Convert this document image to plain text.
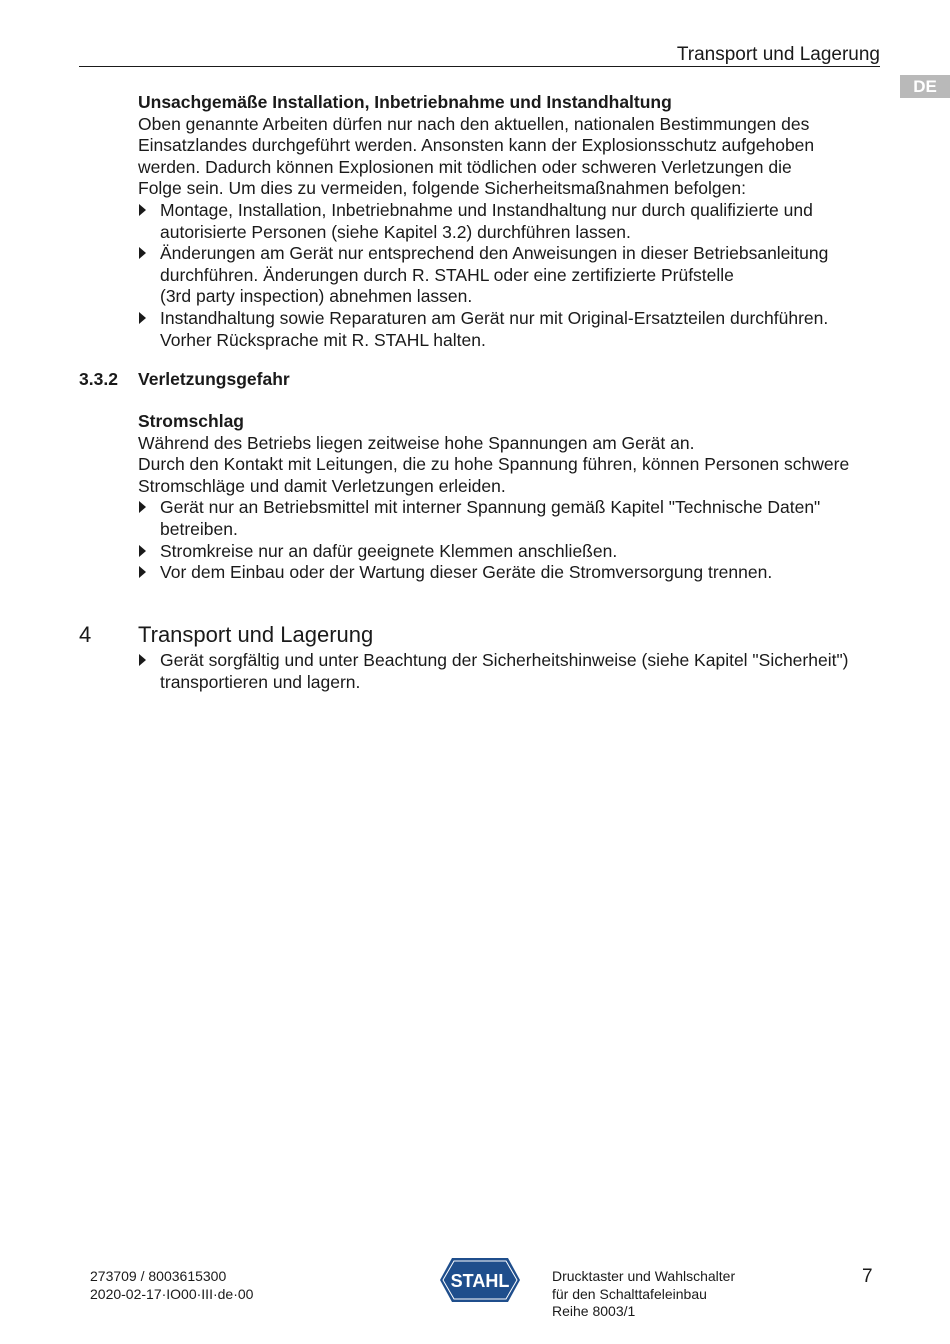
Transport und Lagerung
DE

Unsachgemäße Installation, Inbetriebnahme und Instandhaltung

Oben genannte Arbeiten dürfen nur nach den aktuellen, nationalen Bestimmungen des

Einsatzlandes durchgeführt werden. Ansonsten kann der Explosionsschutz aufgehoben

werden. Dadurch können Explosionen mit tödlichen oder schweren Verletzungen die

Folge sein. Um dies zu vermeiden, folgende Sicherheitsmaßnahmen befolgen:

Montage, Installation, Inbetriebnahme und Instandhaltung nur durch qualifizierte und
autorisierte Personen (siehe Kapitel 3.2) durchführen lassen.
Änderungen am Gerät nur entsprechend den Anweisungen in dieser Betriebsanleitung
durchführen. Änderungen durch R. STAHL oder eine zertifizierte Prüfstelle
(3rd party inspection) abnehmen lassen.
Instandhaltung sowie Reparaturen am Gerät nur mit Original-Ersatzteilen durchführen.
Vorher Rücksprache mit R. STAHL halten.
3.3.2 Verletzungsgefahr

Stromschlag

Während des Betriebs liegen zeitweise hohe Spannungen am Gerät an.

Durch den Kontakt mit Leitungen, die zu hohe Spannung führen, können Personen schwere

Stromschläge und damit Verletzungen erleiden.

Gerät nur an Betriebsmittel mit interner Spannung gemäß Kapitel "Technische Daten"
betreiben.
Stromkreise nur an dafür geeignete Klemmen anschließen.
Vor dem Einbau oder der Wartung dieser Geräte die Stromversorgung trennen.
4 Transport und Lagerung
Gerät sorgfältig und unter Beachtung der Sicherheitshinweise (siehe Kapitel "Sicherheit")
transportieren und lagern.
273709 / 8003615300
2020-02-17·IO00·III·de·00
STAHL	Drucktaster und Wahlschalter
für den Schalttafeleinbau
Reihe 8003/1
7
